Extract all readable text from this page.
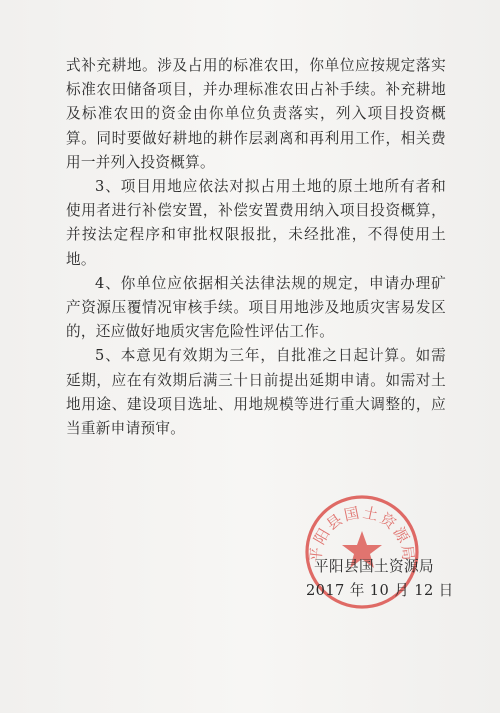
式补充耕地。涉及占用的标准农田，你单位应按规定落实标准农田储备项目，并办理标准农田占补手续。补充耕地及标准农田的资金由你单位负责落实，列入项目投资概算。同时要做好耕地的耕作层剥离和再利用工作，相关费用一并列入投资概算。

3、项目用地应依法对拟占用土地的原土地所有者和使用者进行补偿安置，补偿安置费用纳入项目投资概算，并按法定程序和审批权限报批，未经批准，不得使用土地。

4、你单位应依据相关法律法规的规定，申请办理矿产资源压覆情况审核手续。项目用地涉及地质灾害易发区的，还应做好地质灾害危险性评估工作。

5、本意见有效期为三年，自批准之日起计算。如需延期，应在有效期后满三十日前提出延期申请。如需对土地用途、建设项目选址、用地规模等进行重大调整的，应当重新申请预审。

平阳县国土资源局
平阳县国土资源局
2017 年 10 月 12 日
